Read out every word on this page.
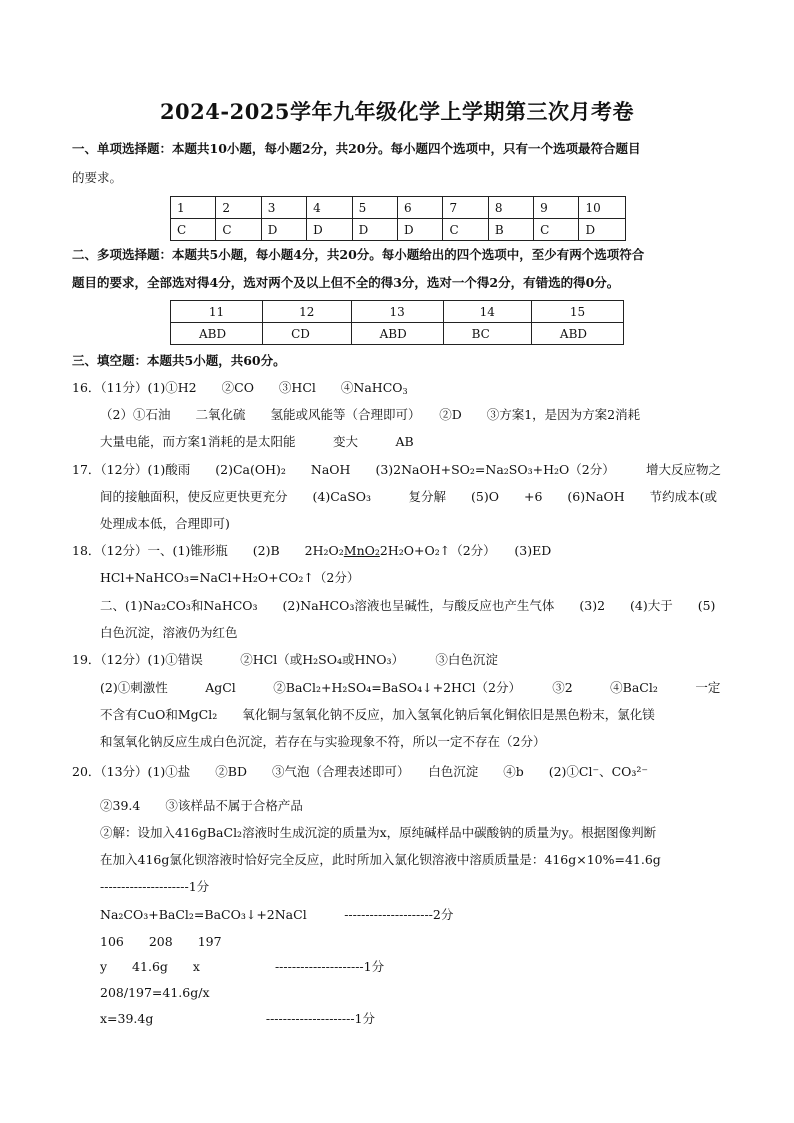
2024-2025学年九年级化学上学期第三次月考卷
一、单项选择题：本题共10小题，每小题2分，共20分。每小题四个选项中，只有一个选项最符合题目
的要求。
1	2	3	4	5	6	7	8	9	10
C	C	D	D	D	D	C	B	C	D
二、多项选择题：本题共5小题，每小题4分，共20分。每小题给出的四个选项中，至少有两个选项符合
题目的要求，全部选对得4分，选对两个及以上但不全的得3分，选对一个得2分，有错选的得0分。
11	12	13	14	15
ABD	CD	ABD	BC	ABD
三、填空题：本题共5小题，共60分。
16．（11分）(1)①H2　　②CO　　③HCl　　④NaHCO$_3$
（2）①石油　　二氧化硫　　氢能或风能等（合理即可）　　②D　　③方案1，是因为方案2消耗
大量电能，而方案1消耗的是太阳能　　　变大　　　AB
17．（12分）(1)酸雨　　(2)Ca(OH)₂　　NaOH　　(3)2NaOH+SO₂=Na₂SO₃+H₂O（2分）　　　增大反应物之
间的接触面积，使反应更快更充分　　(4)CaSO₃　　　复分解　　(5)O　　+6　　(6)NaOH　　节约成本(或
处理成本低，合理即可)
18．（12分）一、(1)锥形瓶　　(2)B　　2H₂O₂MnO₂2H₂O+O₂↑（2分）　　(3)ED
HCl+NaHCO₃=NaCl+H₂O+CO₂↑（2分）
二、(1)Na₂CO₃和NaHCO₃　　(2)NaHCO₃溶液也呈碱性，与酸反应也产生气体　　(3)2　　(4)大于　　(5)
白色沉淀，溶液仍为红色
19．（12分）(1)①错误　　　②HCl（或H₂SO₄或HNO₃）　　　③白色沉淀
(2)①刺激性　　　AgCl　　　②BaCl₂+H₂SO₄=BaSO₄↓+2HCl（2分）　　　③2　　　④BaCl₂　　　一定
不含有CuO和MgCl₂　　氧化铜与氢氧化钠不反应，加入氢氧化钠后氧化铜依旧是黑色粉末，氯化镁
和氢氧化钠反应生成白色沉淀，若存在与实验现象不符，所以一定不存在（2分）
20．（13分）(1)①盐　　②BD　　③气泡（合理表述即可）　　白色沉淀　　④b　　(2)①Cl⁻、CO₃²⁻
②39.4　　③该样品不属于合格产品
②解：设加入416gBaCl₂溶液时生成沉淀的质量为x，原纯碱样品中碳酸钠的质量为y。根据图像判断
在加入416g氯化钡溶液时恰好完全反应，此时所加入氯化钡溶液中溶质质量是：416g×10%=41.6g
---------------------1分
Na₂CO₃+BaCl₂=BaCO₃↓+2NaCl　　　---------------------2分
106　　208　　197
y　　41.6g　　x　　　　　　---------------------1分
208/197=41.6g/x
x=39.4g　　　　　　　　　---------------------1分
